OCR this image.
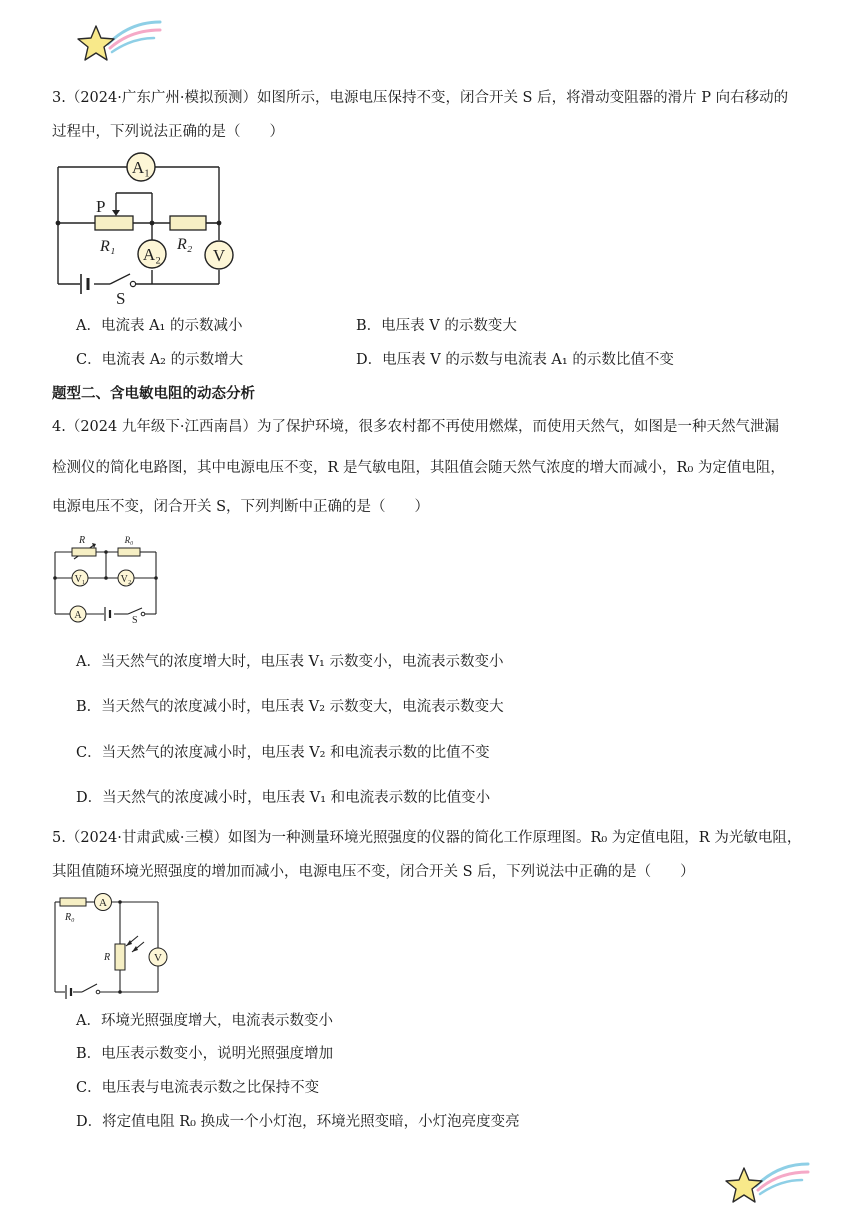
3.（2024·广东广州·模拟预测）如图所示，电源电压保持不变，闭合开关 S 后，将滑动变阻器的滑片 P 向右移动的
过程中，下列说法正确的是（　　）
A₁
A₂	V
P
R₁	R₂
S
A．电流表 A₁ 的示数减小	B．电压表 V 的示数变大
C．电流表 A₂ 的示数增大	D．电压表 V 的示数与电流表 A₁ 的示数比值不变
题型二、含电敏电阻的动态分析
4.（2024 九年级下·江西南昌）为了保护环境，很多农村都不再使用燃煤，而使用天然气，如图是一种天然气泄漏
检测仪的简化电路图，其中电源电压不变，R 是气敏电阻，其阻值会随天然气浓度的增大而减小，R₀ 为定值电阻，
电源电压不变，闭合开关 S，下列判断中正确的是（　　）
V₁	V₂
A
R	R₀
S
A．当天然气的浓度增大时，电压表 V₁ 示数变小，电流表示数变小
B．当天然气的浓度减小时，电压表 V₂ 示数变大，电流表示数变大
C．当天然气的浓度减小时，电压表 V₂ 和电流表示数的比值不变
D．当天然气的浓度减小时，电压表 V₁ 和电流表示数的比值变小
5.（2024·甘肃武威·三模）如图为一种测量环境光照强度的仪器的简化工作原理图。R₀ 为定值电阻，R 为光敏电阻，
其阻值随环境光照强度的增加而减小，电源电压不变，闭合开关 S 后，下列说法中正确的是（　　）
A
V
R₀
R
A．环境光照强度增大，电流表示数变小
B．电压表示数变小，说明光照强度增加
C．电压表与电流表示数之比保持不变
D．将定值电阻 R₀ 换成一个小灯泡，环境光照变暗，小灯泡亮度变亮
